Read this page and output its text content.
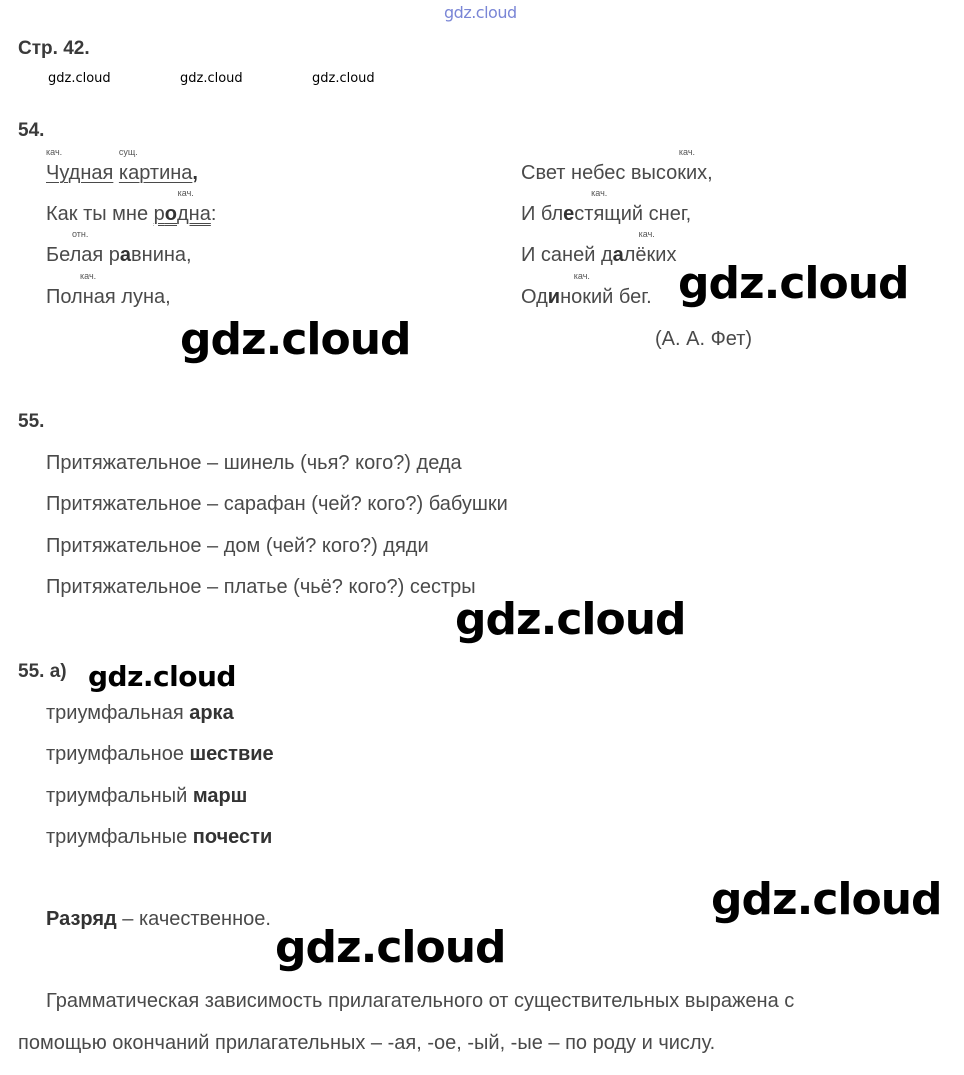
gdz.cloud
Стр. 42.
gdz.cloud	gdz.cloud	gdz.cloud
54.
кач.
Чудная
сущ.
картина,
Как ты мне
кач.
родна:
отн.
Белая равнина,
кач.
Полная луна,
Свет небес
кач.
высоких,
И бл
кач.
естящий снег,
И саней д
кач.
алёких
Од
кач.
инокий бег.
(А. А. Фет)
gdz.cloud
gdz.cloud
55.
Притяжательное – шинель (чья? кого?) деда
Притяжательное – сарафан (чей? кого?) бабушки
Притяжательное – дом (чей? кого?) дяди
Притяжательное – платье (чьё? кого?) сестры
gdz.cloud
55. а) gdz.cloud
триумфальная арка
триумфальное шествие
триумфальный марш
триумфальные почести
gdz.cloud
Разряд – качественное.
gdz.cloud
Грамматическая зависимость прилагательного от существительных выражена с
помощью окончаний прилагательных – -ая, -ое, -ый, -ые – по роду и числу.
